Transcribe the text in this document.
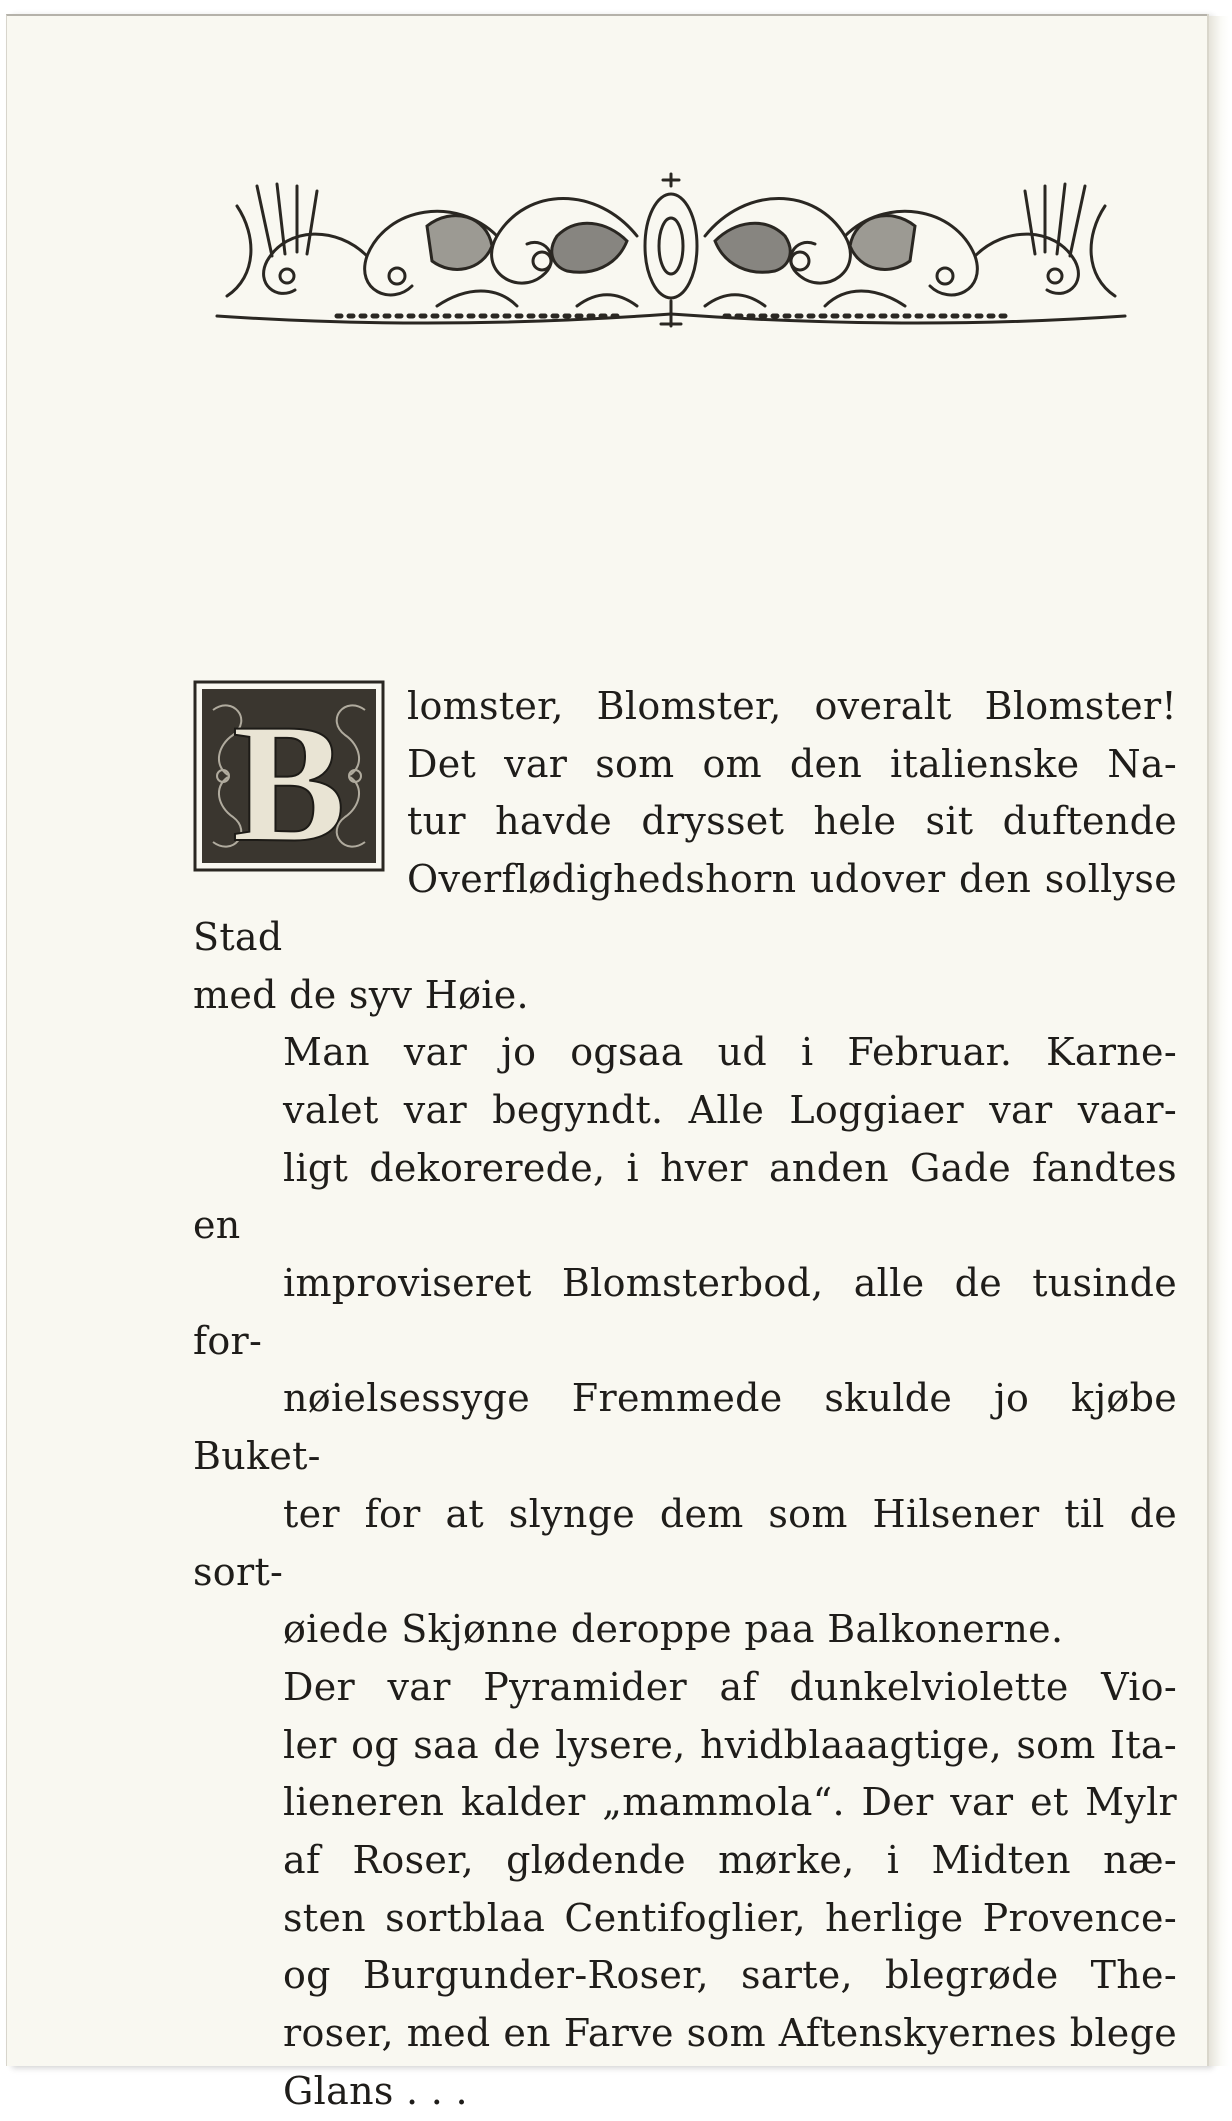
B	lomster, Blomster, overalt Blomster!
Det var som om den italienske Na-
tur havde drysset hele sit duftende
Overflødighedshorn udover den sollyse Stad
med de syv Høie.

Man var jo ogsaa ud i Februar. Karne-
valet var begyndt. Alle Loggiaer var vaar-
ligt dekorerede, i hver anden Gade fandtes en
improviseret Blomsterbod, alle de tusinde for-
nøielsessyge Fremmede skulde jo kjøbe Buket-
ter for at slynge dem som Hilsener til de sort-
øiede Skjønne deroppe paa Balkonerne.

Der var Pyramider af dunkelviolette Vio-
ler og saa de lysere, hvidblaaagtige, som Ita-
lieneren kalder „mammola“. Der var et Mylr
af Roser, glødende mørke, i Midten næ-
sten sortblaa Centifoglier, herlige Provence-
og Burgunder-Roser, sarte, blegrøde The-
roser, med en Farve som Aftenskyernes blege
Glans . . .
